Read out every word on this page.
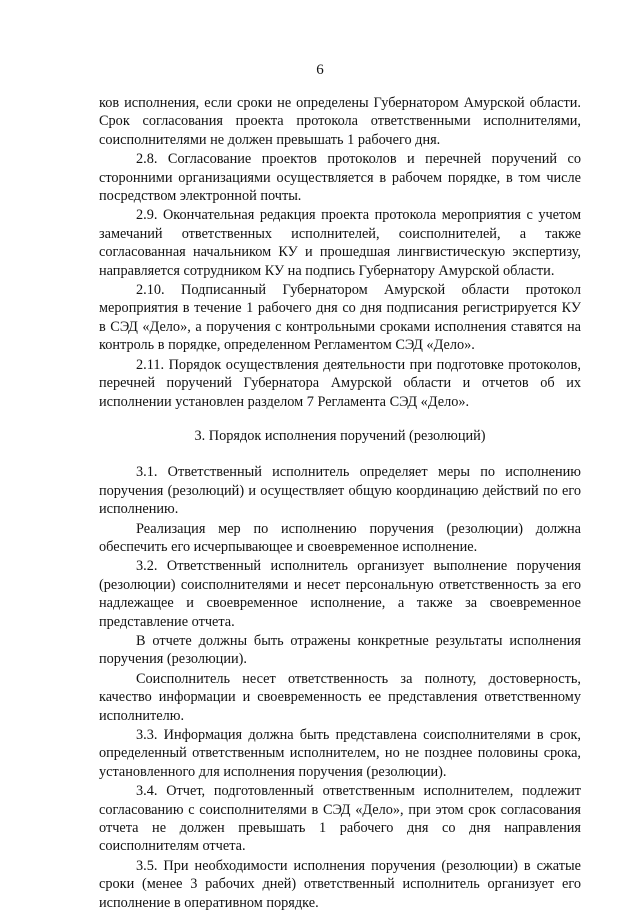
6

ков исполнения, если сроки не определены Губернатором Амурской области. Срок согласования проекта протокола ответственными исполнителями, соисполнителями не должен превышать 1 рабочего дня.

2.8. Согласование проектов протоколов и перечней поручений со сторонними организациями осуществляется в рабочем порядке, в том числе посредством электронной почты.

2.9. Окончательная редакция проекта протокола мероприятия с учетом замечаний ответственных исполнителей, соисполнителей, а также согласованная начальником КУ и прошедшая лингвистическую экспертизу, направляется сотрудником КУ на подпись Губернатору Амурской области.

2.10. Подписанный Губернатором Амурской области протокол мероприятия в течение 1 рабочего дня со дня подписания регистрируется КУ в СЭД «Дело», а поручения с контрольными сроками исполнения ставятся на контроль в порядке, определенном Регламентом СЭД «Дело».

2.11. Порядок осуществления деятельности при подготовке протоколов, перечней поручений Губернатора Амурской области и отчетов об их исполнении установлен разделом 7 Регламента СЭД «Дело».

3. Порядок исполнения поручений (резолюций)

3.1. Ответственный исполнитель определяет меры по исполнению поручения (резолюций) и осуществляет общую координацию действий по его исполнению.

Реализация мер по исполнению поручения (резолюции) должна обеспечить его исчерпывающее и своевременное исполнение.

3.2. Ответственный исполнитель организует выполнение поручения (резолюции) соисполнителями и несет персональную ответственность за его надлежащее и своевременное исполнение, а также за своевременное представление отчета.

В отчете должны быть отражены конкретные результаты исполнения поручения (резолюции).

Соисполнитель несет ответственность за полноту, достоверность, качество информации и своевременность ее представления ответственному исполнителю.

3.3. Информация должна быть представлена соисполнителями в срок, определенный ответственным исполнителем, но не позднее половины срока, установленного для исполнения поручения (резолюции).

3.4. Отчет, подготовленный ответственным исполнителем, подлежит согласованию с соисполнителями в СЭД «Дело», при этом срок согласования отчета не должен превышать 1 рабочего дня со дня направления соисполнителям отчета.

3.5. При необходимости исполнения поручения (резолюции) в сжатые сроки (менее 3 рабочих дней) ответственный исполнитель организует его исполнение в оперативном порядке.
